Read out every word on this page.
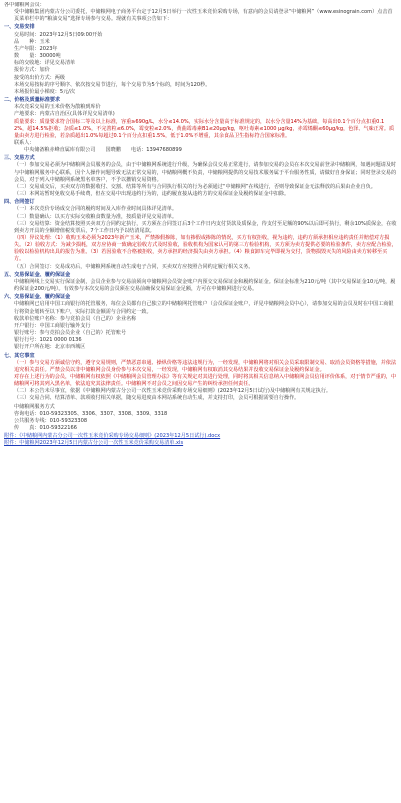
各中储粮网会员：

受中储粮集团内蒙古分公司委托，中储粮网电子商务平台定于12月5日举行一次性玉米竞价采购专场，有意向的会员请登录“中储粮网”（www.esinograin.com）点击首页菜单栏中的“粮油交易”选择专场参与交易。现就有关事项公告如下：

一、交易安排

交易时间：2023年12月5日09:00开始

品　　种：玉米

生产年限：2023年

数　　量：30000吨

标的交收地：详见交易清单

报价方式：加价

接受的出价方式：两级

本场交易按标的序号顺序、依次按交易节进行，每个交易节为5个标的，时间为120秒。

本场报价最小梯度：5元/次

二、价格及质量标准要求

本次竞采交易的玉米价格为散粮到库价

产地要求：内蒙古自治区(具体详见交易清单)

质量要求：质量要求符合国标二等及以上标准，容重≥690g/L，水分≤14.0%，实际水分含量高于标准规定的，以水分含量14%为基础，每高出0.1个百分点扣重0.12%，超14.5%拒收；杂质≤1.0%，不完善粒≤6.0%，霉变粒≤2.0%，黄曲霉毒素B1≤20μg/kg，呕吐毒素≤1000 μg/kg，赤霉烯酮≤60μg/kg，色泽、气味正常。质量由卖方进行检验，若杂质超出1.0%每超过0.1个百分点扣重1.5%，低于1.0%不增重，其余食品卫生指标符合国家标准。

联系人：

中央储备粮赤峰直属库有限公司　　国晓鹏　　电话：13947680899

三、交易方式

（一）参加交易必须为中储粮网会员服务的会员，由于中储粮网系统进行升级，为确保会员交易正常进行，请参加交易的会员在本次交易前登录中储粮网，如遇问题请及时与中储粮网服务中心联系，因个人操作问题导致无法正常交易的，中储粮网概不负责，中储粮网提供的交易技术服务属于平台服务性质，请做好自身保证；同时登录交易的会员，对于列入中储粮网系统黑名单客户，不予以撤销交易资格。

（二）交易成交后，买卖双方的数据收付、交割、结算等所有与合同执行相关的行为必须通过“中储粮网”在线进行，否则导致保证金无法释放的后果由企业自负。

（三）本网站暂时免收交易手续费，但在交易中出现违约行为的，违约履直接从违约方的交易保证金及履约保证金中扣除。

四、合同签订

（一）本次竞价专场成交合同的履约时间及入库作业时间具体详见清单。

（二）数量确认：以买方实际交收粮食数量为准，按质量详见交易清单。

（三）交易结算：资金结算按照买卖双方合同约定执行，买方须在合同签订后3个工作日内支付货款及质保金，待支付至足额的90%以后即可执行，剩余10%质保金，在收到卖方开具的全额增值税发票后，7个工作日内予以结清尾款。

（四）异议处理：（1）收购玉米必须为2023年新产玉米，严禁掺假掺陈，如有掺假或掺陈的情况，买方有权拒收，视为违约，违约方须承担相应违约责任并赔偿对方损失。（2）验收方式：为减少损耗，双方应协商一致确定验收方式及时验收，验收机构为国家认可的第三方检验机构，买方须为卖方提供必要的检验条件，卖方应配合检验，验收以检验机构出具的报告为准。（3）若因验收不合格被拒收，卖方承担的经济损失由卖方承担。（4）粮食卸车完毕即视为交付，货物损毁灭失的风险由卖方转移至买方。

（五）合同签订：交易成功后，中储粮网系统自动生成电子合同，买卖双方应按照合同约定履行相关义务。

五、交易保证金、履约保证金

中储粮网线上交易实行保证金制，会员企业参与交易前须向中储粮网会员资金账户内预交交易保证金和履约保证金。保证金标准为210元/吨（其中交易保证金10元/吨，履约保证金200元/吨）。有效参与本次交易的会员须在交易前确保交易保证金足额，方可在中储粮网进行交易。

六、交易保证金、履约保证金

中储粮网已启用中国工商银行的托管服务，每位会员都有自己独立的中储粮网托管账户（会员保证金账户，详见中储粮网会员中心），请参加交易的会员及时在中国工商银行将资金划转至以下账户，实际打款金额需与合同约定一致。

收款单位账户名称：参与竞拍会员（自己的）企业名称

开户银行：中国工商银行输外支行

银行账号：参与竞拍会员企业（自己的）托管账号

银行行号：1021 0000 0136

银行开户所在地：北京市西城区

七、其它事宜

（一）参与交易方须诚信守约，遵守交易规则，严禁恶意串通、操纵价格等违法违规行为，一经发现，中储粮网将对相关会员采取限制交易、取消会员资格等措施，并依法追究相关责任。严禁会员以非中储粮网会员身份参与本次交易，一经发现，中储粮网有权取消其交易结果并没收交易保证金及履约保证金。

对存在上述行为的会员，中储粮网有权依照《中储粮网会员管理办法》等有关规定对其进行处理，同时将其相关信息纳入中储粮网会员信用评价体系，对于情节严重的，中储粮网可将其列入黑名单，依法追究其法律责任。中储粮网不对会员之间因交易产生的纠纷承担任何责任。

（二）本公告未尽事宜，依据《中储粮网内蒙古分公司一次性玉米竞价采购专场交易细则》(2023年12月5日试行)及中储粮网有关规定执行。

（三）交易合同、结算清单、款项收付相关单据，随交易进度由本网站系统自动生成，并支持打印，会员可根据需要自行操作。

中储粮网服务方式

咨询电话：010-59323305、3306、3307、3308、3309、3318

公共服务专线：010-59323308

传　　真：010-59322166

附件：《中储粮网内蒙古分公司一次性玉米竞价采购专场交易细则》(2023年12月5日试行).docx

附件：中储粮网2023年12月5日内蒙古分公司一次性玉米竞价采购交易清单.xls
